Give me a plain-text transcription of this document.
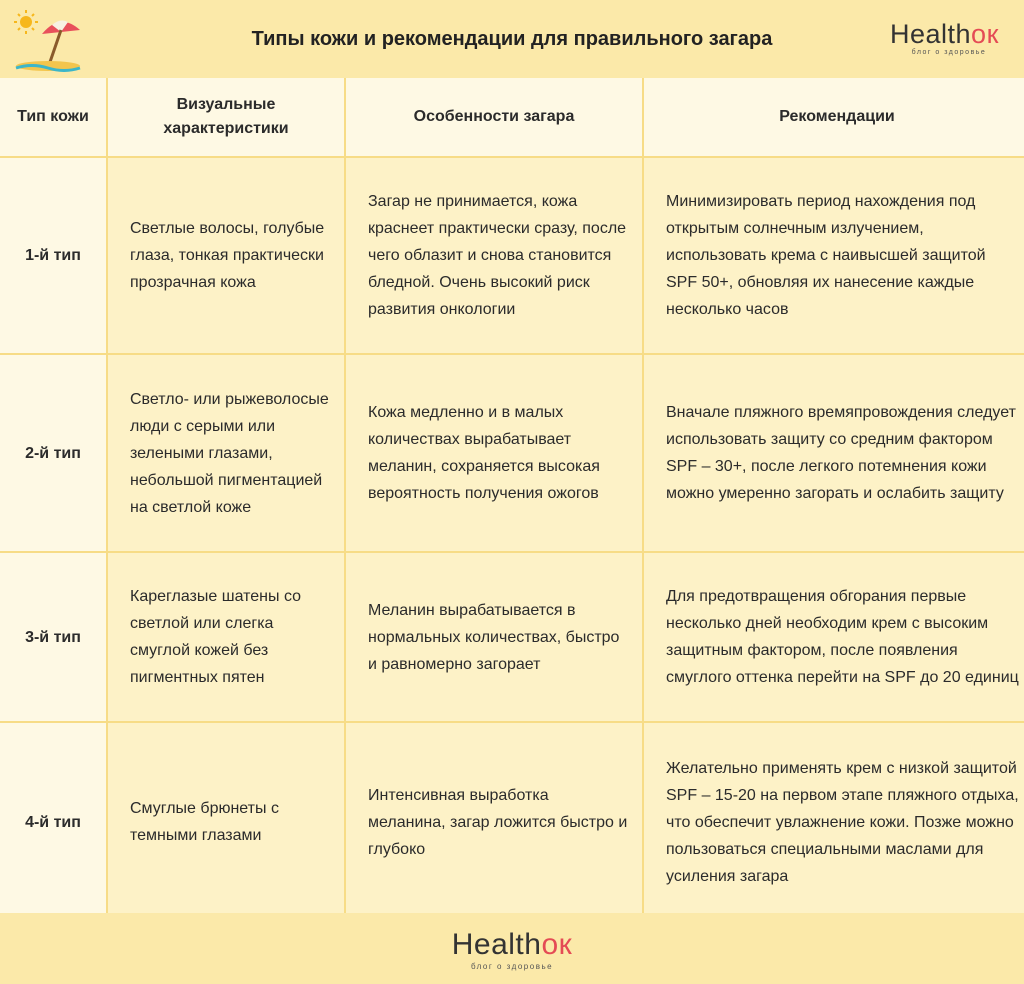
Типы кожи и рекомендации для правильного загара	Healthок
блог о здоровье
Тип кожи
Визуальные характеристики
Особенности загара	Рекомендации
1-й тип
Светлые волосы, голубые глаза, тонкая практически прозрачная кожа
Загар не принимается, кожа краснеет практически сразу, после чего облазит и снова становится бледной. Очень высокий риск развития онкологии
Минимизировать период нахождения под открытым солнечным излучением, использовать крема с наивысшей защитой SPF 50+, обновляя их нанесение каждые несколько часов
2-й тип
Светло- или рыжеволосые люди с серыми или зелеными глазами, небольшой пигментацией на светлой коже
Кожа медленно и в малых количествах вырабатывает меланин, сохраняется высокая вероятность получения ожогов
Вначале пляжного времяпровождения следует использовать защиту со средним фактором SPF – 30+, после легкого потемнения кожи можно умеренно загорать и ослабить защиту
3-й тип
Кареглазые шатены со светлой или слегка смуглой кожей без пигментных пятен
Меланин вырабатывается в нормальных количествах, быстро и равномерно загорает
Для предотвращения обгорания первые несколько дней необходим крем с высоким защитным фактором, после появления смуглого оттенка перейти на SPF до 20 единиц
4-й тип
Смуглые брюнеты с темными глазами
Интенсивная выработка меланина, загар ложится быстро и глубоко
Желательно применять крем с низкой защитой SPF – 15-20 на первом этапе пляжного отдыха, что обеспечит увлажнение кожи. Позже можно пользоваться специальными маслами для усиления загара
Healthок
блог о здоровье
